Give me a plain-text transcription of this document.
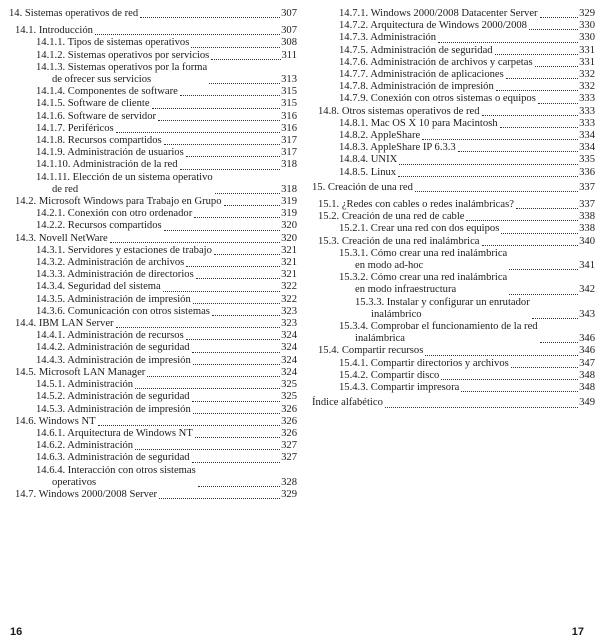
14. Sistemas operativos de red	307
14.1. Introducción	307
14.1.1. Tipos de sistemas operativos	308
14.1.2. Sistemas operativos por servicios	311
14.1.3. Sistemas operativos por la forma
de ofrecer sus servicios	313
14.1.4. Componentes de software	315
14.1.5. Software de cliente	315
14.1.6. Software de servidor	316
14.1.7. Periféricos	316
14.1.8. Recursos compartidos	317
14.1.9. Administración de usuarios	317
14.1.10. Administración de la red	318
14.1.11. Elección de un sistema operativo
de red	318
14.2. Microsoft Windows para Trabajo en Grupo	319
14.2.1. Conexión con otro ordenador	319
14.2.2. Recursos compartidos	320
14.3. Novell NetWare	320
14.3.1. Servidores y estaciones de trabajo	321
14.3.2. Administración de archivos	321
14.3.3. Administración de directorios	321
14.3.4. Seguridad del sistema	322
14.3.5. Administración de impresión	322
14.3.6. Comunicación con otros sistemas	323
14.4. IBM LAN Server	323
14.4.1. Administración de recursos	324
14.4.2. Administración de seguridad	324
14.4.3. Administración de impresión	324
14.5. Microsoft LAN Manager	324
14.5.1. Administración	325
14.5.2. Administración de seguridad	325
14.5.3. Administración de impresión	326
14.6. Windows NT	326
14.6.1. Arquitectura de Windows NT	326
14.6.2. Administración	327
14.6.3. Administración de seguridad	327
14.6.4. Interacción con otros sistemas
operativos	328
14.7. Windows 2000/2008 Server	329
14.7.1. Windows 2000/2008 Datacenter Server	329
14.7.2. Arquitectura de Windows 2000/2008	330
14.7.3. Administración	330
14.7.5. Administración de seguridad	331
14.7.6. Administración de archivos y carpetas	331
14.7.7. Administración de aplicaciones	332
14.7.8. Administración de impresión	332
14.7.9. Conexión con otros sistemas o equipos	333
14.8. Otros sistemas operativos de red	333
14.8.1. Mac OS X 10 para Macintosh	333
14.8.2. AppleShare	334
14.8.3. AppleShare IP 6.3.3	334
14.8.4. UNIX	335
14.8.5. Linux	336
15. Creación de una red	337
15.1. ¿Redes con cables o redes inalámbricas?	337
15.2. Creación de una red de cable	338
15.2.1. Crear una red con dos equipos	338
15.3. Creación de una red inalámbrica	340
15.3.1. Cómo crear una red inalámbrica
en modo ad-hoc	341
15.3.2. Cómo crear una red inalámbrica
en modo infraestructura	342
15.3.3. Instalar y configurar un enrutador
inalámbrico	343
15.3.4. Comprobar el funcionamiento de la red
inalámbrica	346
15.4. Compartir recursos	346
15.4.1. Compartir directorios y archivos	347
15.4.2. Compartir disco	348
15.4.3. Compartir impresora	348
Índice alfabético	349
16	17
